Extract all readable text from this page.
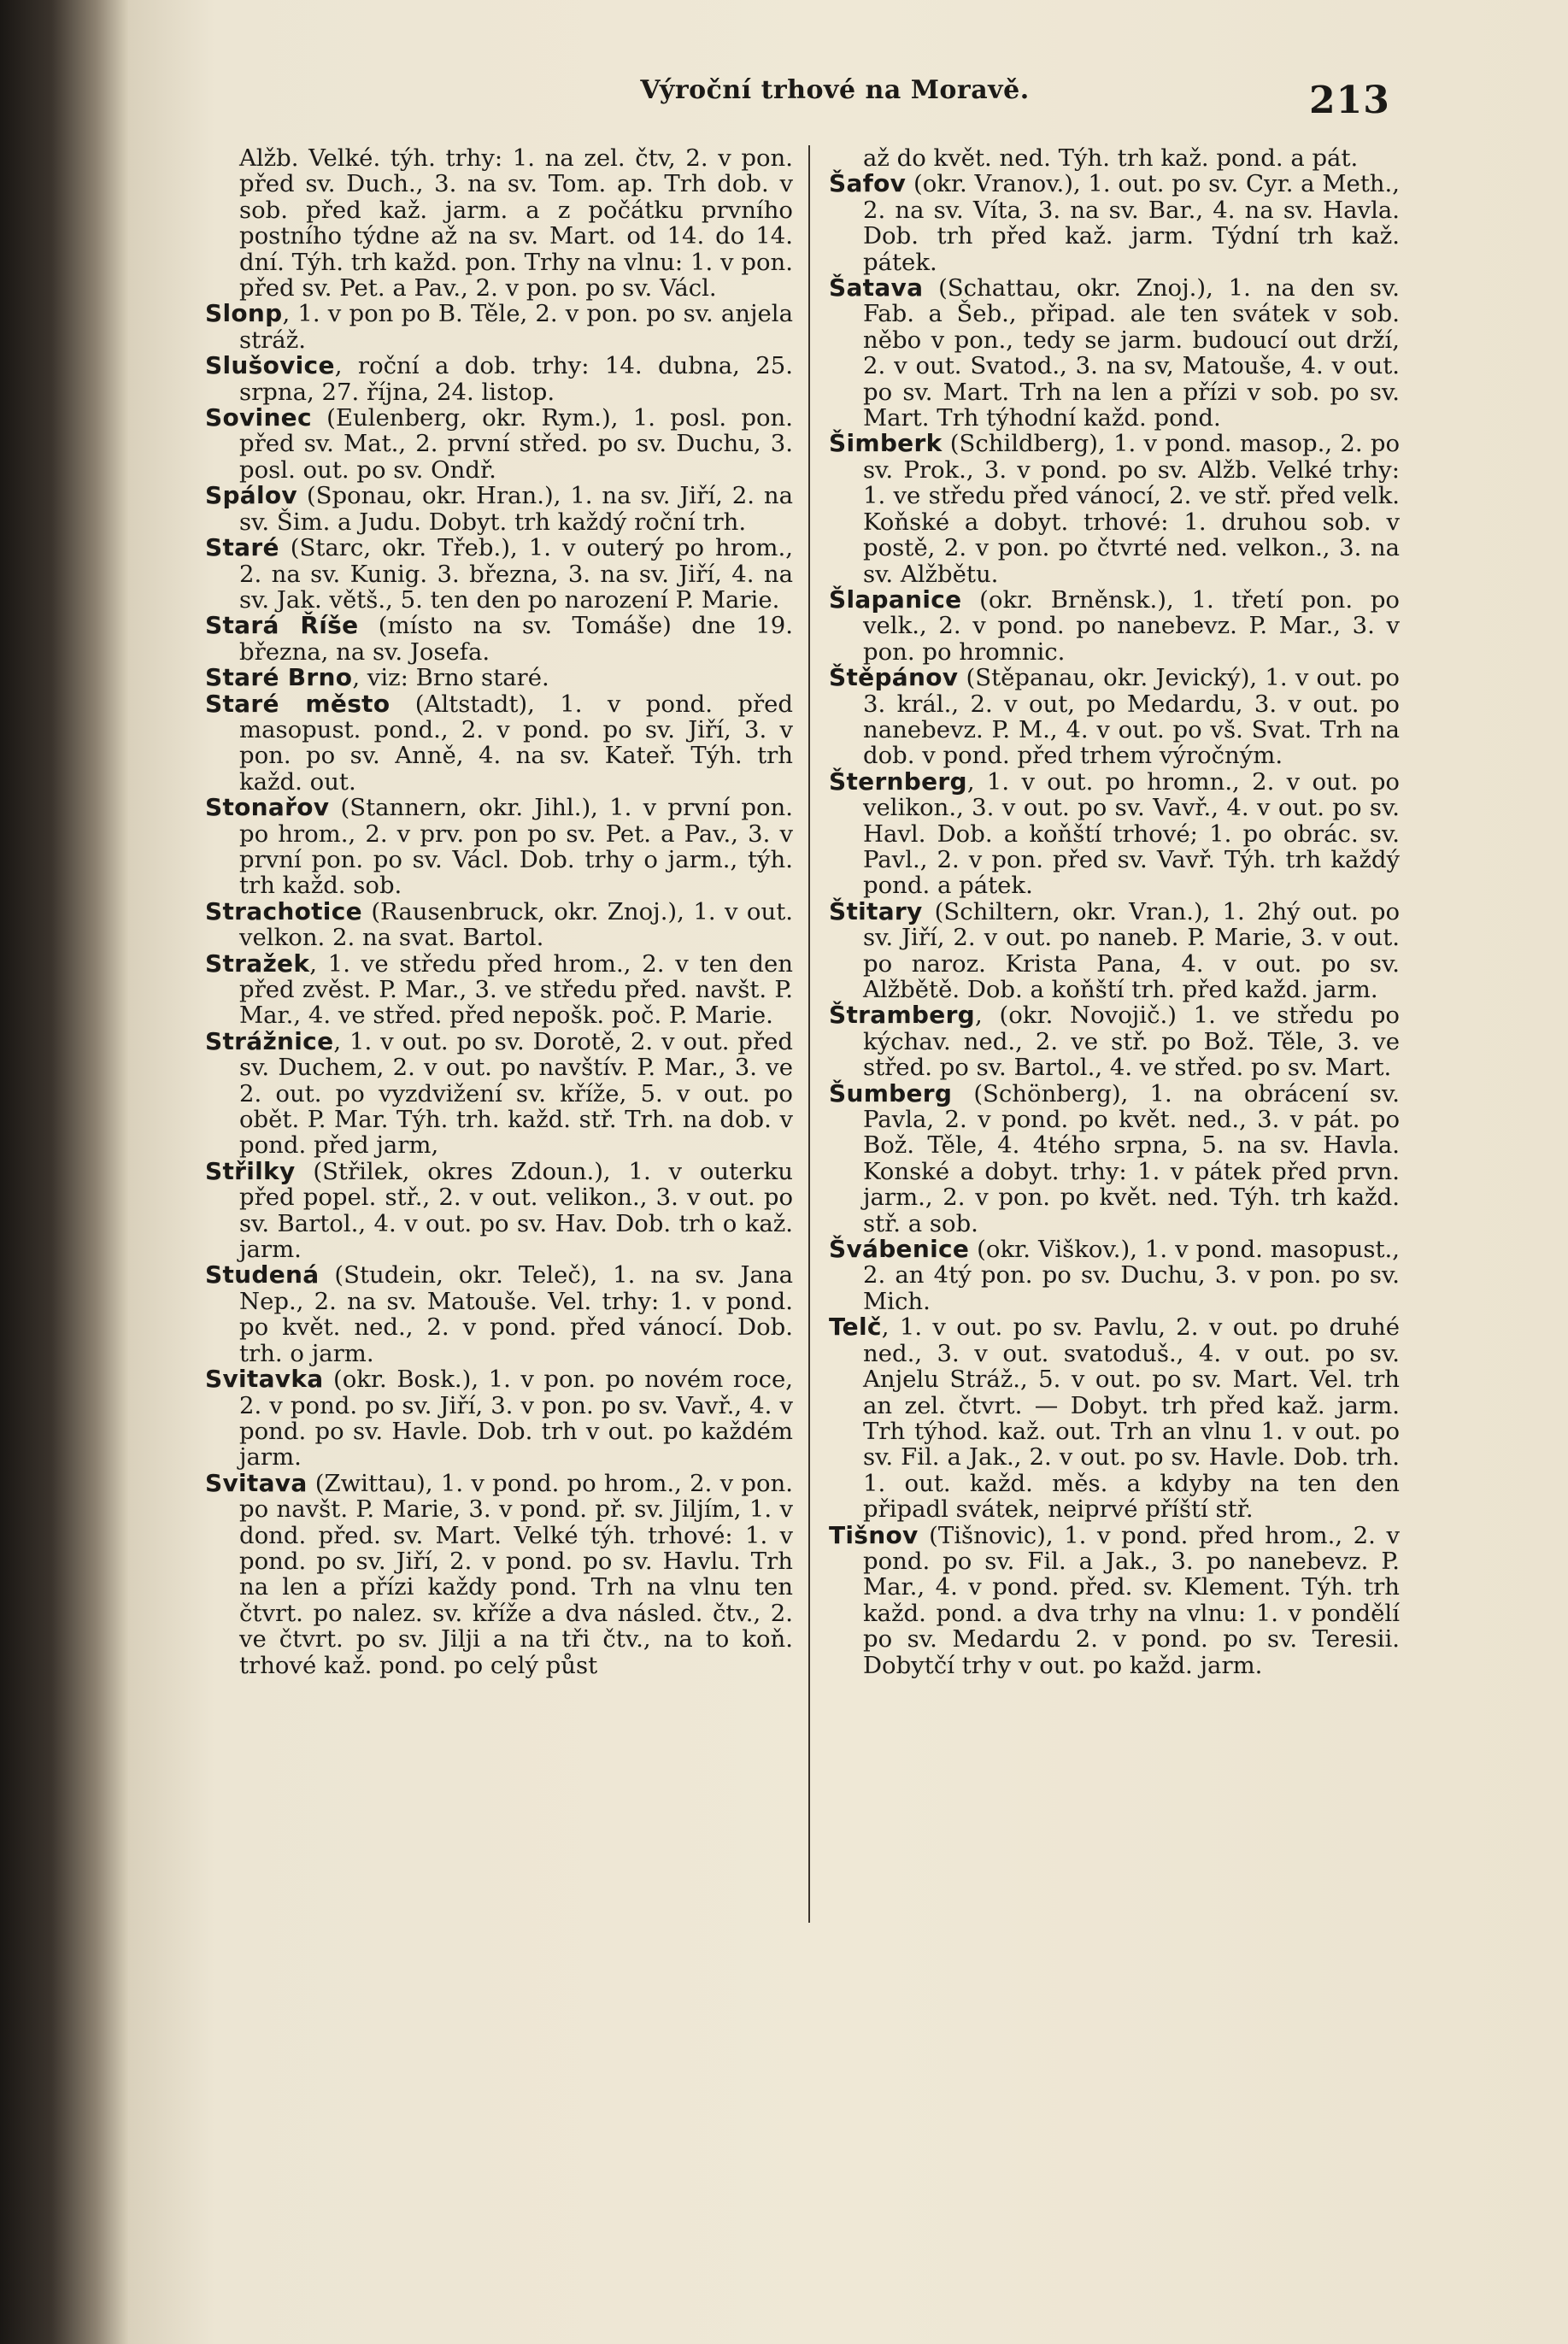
Výroční trhové na Moravě.	213

Alžb. Velké. týh. trhy: 1. na zel. čtv, 2. v pon. před sv. Duch., 3. na sv. Tom. ap. Trh dob. v sob. před kaž. jarm. a z počátku prvního postního týdne až na sv. Mart. od 14. do 14. dní. Týh. trh každ. pon. Trhy na vlnu: 1. v pon. před sv. Pet. a Pav., 2. v pon. po sv. Václ.

Slonp, 1. v pon po B. Těle, 2. v pon. po sv. anjela stráž.

Slušovice, roční a dob. trhy: 14. dubna, 25. srpna, 27. října, 24. listop.

Sovinec (Eulenberg, okr. Rym.), 1. posl. pon. před sv. Mat., 2. první střed. po sv. Duchu, 3. posl. out. po sv. Ondř.

Spálov (Sponau, okr. Hran.), 1. na sv. Jiří, 2. na sv. Šim. a Judu. Dobyt. trh každý roční trh.

Staré (Starc, okr. Třeb.), 1. v outerý po hrom., 2. na sv. Kunig. 3. března, 3. na sv. Jiří, 4. na sv. Jak. větš., 5. ten den po narození P. Marie.

Stará Říše (místo na sv. Tomáše) dne 19. března, na sv. Josefa.

Staré Brno, viz: Brno staré.

Staré město (Altstadt), 1. v pond. před masopust. pond., 2. v pond. po sv. Jiří, 3. v pon. po sv. Anně, 4. na sv. Kateř. Týh. trh každ. out.

Stonařov (Stannern, okr. Jihl.), 1. v první pon. po hrom., 2. v prv. pon po sv. Pet. a Pav., 3. v první pon. po sv. Václ. Dob. trhy o jarm., týh. trh každ. sob.

Strachotice (Rausenbruck, okr. Znoj.), 1. v out. velkon. 2. na svat. Bartol.

Stražek, 1. ve středu před hrom., 2. v ten den před zvěst. P. Mar., 3. ve středu před. navšt. P. Mar., 4. ve střed. před nepošk. poč. P. Marie.

Strážnice, 1. v out. po sv. Dorotě, 2. v out. před sv. Duchem, 2. v out. po navštív. P. Mar., 3. ve 2. out. po vyzdvižení sv. kříže, 5. v out. po obět. P. Mar. Týh. trh. každ. stř. Trh. na dob. v pond. před jarm,

Střilky (Střilek, okres Zdoun.), 1. v outerku před popel. stř., 2. v out. velikon., 3. v out. po sv. Bartol., 4. v out. po sv. Hav. Dob. trh o kaž. jarm.

Studená (Studein, okr. Teleč), 1. na sv. Jana Nep., 2. na sv. Matouše. Vel. trhy: 1. v pond. po květ. ned., 2. v pond. před vánocí. Dob. trh. o jarm.

Svitavka (okr. Bosk.), 1. v pon. po novém roce, 2. v pond. po sv. Jiří, 3. v pon. po sv. Vavř., 4. v pond. po sv. Havle. Dob. trh v out. po každém jarm.

Svitava (Zwittau), 1. v pond. po hrom., 2. v pon. po navšt. P. Marie, 3. v pond. př. sv. Jiljím, 1. v dond. před. sv. Mart. Velké týh. trhové: 1. v pond. po sv. Jiří, 2. v pond. po sv. Havlu. Trh na len a přízi každy pond. Trh na vlnu ten čtvrt. po nalez. sv. kříže a dva násled. čtv., 2. ve čtvrt. po sv. Jilji a na tři čtv., na to koň. trhové kaž. pond. po celý půst

až do květ. ned. Týh. trh kaž. pond. a pát.

Šafov (okr. Vranov.), 1. out. po sv. Cyr. a Meth., 2. na sv. Víta, 3. na sv. Bar., 4. na sv. Havla. Dob. trh před kaž. jarm. Týdní trh kaž. pátek.

Šatava (Schattau, okr. Znoj.), 1. na den sv. Fab. a Šeb., připad. ale ten svátek v sob. něbo v pon., tedy se jarm. budoucí out drží, 2. v out. Svatod., 3. na sv, Matouše, 4. v out. po sv. Mart. Trh na len a přízi v sob. po sv. Mart. Trh týhodní každ. pond.

Šimberk (Schildberg), 1. v pond. masop., 2. po sv. Prok., 3. v pond. po sv. Alžb. Velké trhy: 1. ve středu před vánocí, 2. ve stř. před velk. Koňské a dobyt. trhové: 1. druhou sob. v postě, 2. v pon. po čtvrté ned. velkon., 3. na sv. Alžbětu.

Šlapanice (okr. Brněnsk.), 1. třetí pon. po velk., 2. v pond. po nanebevz. P. Mar., 3. v pon. po hromnic.

Štěpánov (Stěpanau, okr. Jevický), 1. v out. po 3. král., 2. v out, po Medardu, 3. v out. po nanebevz. P. M., 4. v out. po vš. Svat. Trh na dob. v pond. před trhem výročným.

Šternberg, 1. v out. po hromn., 2. v out. po velikon., 3. v out. po sv. Vavř., 4. v out. po sv. Havl. Dob. a koňští trhové; 1. po obrác. sv. Pavl., 2. v pon. před sv. Vavř. Týh. trh každý pond. a pátek.

Štitary (Schiltern, okr. Vran.), 1. 2hý out. po sv. Jiří, 2. v out. po naneb. P. Marie, 3. v out. po naroz. Krista Pana, 4. v out. po sv. Alžbětě. Dob. a koňští trh. před každ. jarm.

Štramberg, (okr. Novojič.) 1. ve středu po kýchav. ned., 2. ve stř. po Bož. Těle, 3. ve střed. po sv. Bartol., 4. ve střed. po sv. Mart.

Šumberg (Schönberg), 1. na obrácení sv. Pavla, 2. v pond. po květ. ned., 3. v pát. po Bož. Těle, 4. 4tého srpna, 5. na sv. Havla. Konské a dobyt. trhy: 1. v pátek před prvn. jarm., 2. v pon. po květ. ned. Týh. trh každ. stř. a sob.

Švábenice (okr. Viškov.), 1. v pond. masopust., 2. an 4tý pon. po sv. Duchu, 3. v pon. po sv. Mich.

Telč, 1. v out. po sv. Pavlu, 2. v out. po druhé ned., 3. v out. svatoduš., 4. v out. po sv. Anjelu Stráž., 5. v out. po sv. Mart. Vel. trh an zel. čtvrt. — Dobyt. trh před kaž. jarm. Trh týhod. kaž. out. Trh an vlnu 1. v out. po sv. Fil. a Jak., 2. v out. po sv. Havle. Dob. trh. 1. out. každ. měs. a kdyby na ten den připadl svátek, neiprvé příští stř.

Tišnov (Tišnovic), 1. v pond. před hrom., 2. v pond. po sv. Fil. a Jak., 3. po nanebevz. P. Mar., 4. v pond. před. sv. Klement. Týh. trh každ. pond. a dva trhy na vlnu: 1. v pondělí po sv. Medardu 2. v pond. po sv. Teresii. Dobytčí trhy v out. po každ. jarm.
